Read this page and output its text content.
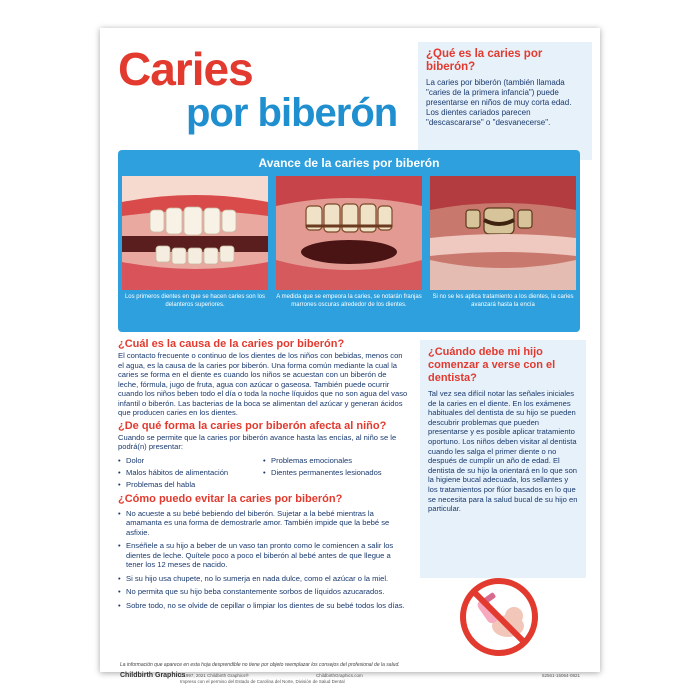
Caries
por biberón
¿Qué es la caries por biberón?

La caries por biberón (también llamada "caries de la primera infancia") puede presentarse en niños de muy corta edad. Los dientes cariados parecen "descascararse" o "desvanecerse".

Avance de la caries por biberón
Los primeros dientes en que se hacen caries son los delanteros superiores.
A medida que se empeora la caries, se notarán franjas marrones oscuras alrededor de los dientes.
Si no se les aplica tratamiento a los dientes, la caries avanzará hasta la encía
¿Cuál es la causa de la caries por biberón?

El contacto frecuente o continuo de los dientes de los niños con bebidas, menos con el agua, es la causa de la caries por biberón. Una forma común mediante la cual la caries se forma en el diente es cuando los niños se acuestan con un biberón de leche, fórmula, jugo de fruta, agua con azúcar o gaseosa. También puede ocurrir cuando los niños beben todo el día o toda la noche líquidos que no son agua del vaso infantil o biberón. Las bacterias de la boca se alimentan del azúcar y generan ácidos que producen caries en los dientes.

¿De qué forma la caries por biberón afecta al niño?

Cuando se permite que la caries por biberón avance hasta las encías, al niño se le podrá(n) presentar:

• Dolor
• Malos hábitos de alimentación
• Problemas del habla
• Problemas emocionales
• Dientes permanentes lesionados
¿Cómo puedo evitar la caries por biberón?
• No acueste a su bebé bebiendo del biberón. Sujetar a la bebé mientras la amamanta es una forma de demostrarle amor. También impide que la bebé se asfixie.
• Enséñele a su hijo a beber de un vaso tan pronto como le comiencen a salir los dientes de leche. Quítele poco a poco el biberón al bebé antes de que llegue a tener los 12 meses de nacido.
• Si su hijo usa chupete, no lo sumerja en nada dulce, como el azúcar o la miel.
• No permita que su hijo beba constantemente sorbos de líquidos azucarados.
• Sobre todo, no se olvide de cepillar o limpiar los dientes de su bebé todos los días.
¿Cuándo debe mi hijo comenzar a verse con el dentista?

Tal vez sea difícil notar las señales iniciales de la caries en el diente. En los exámenes habituales del dentista de su hijo se pueden descubrir problemas que pueden presentarse y es posible aplicar tratamiento oportuno. Los niños deben visitar al dentista cuando les salga el primer diente o no después de cumplir un año de edad. El dentista de su hijo la orientará en lo que son la higiene bucal adecuada, los sellantes y los tratamientos por flúor basados en lo que se necesita para la salud bucal de su hijo en particular.

La información que aparece en esta hoja desprendible no tiene por objeto reemplazar los consejos del profesional de la salud.
Childbirth Graphics
©1997, 2021 Childbirth Graphics®
Impreso con el permiso del Estado de Carolina del Norte, División de Salud Dental
ChildbirthGraphics.com	52561-15064-0821
